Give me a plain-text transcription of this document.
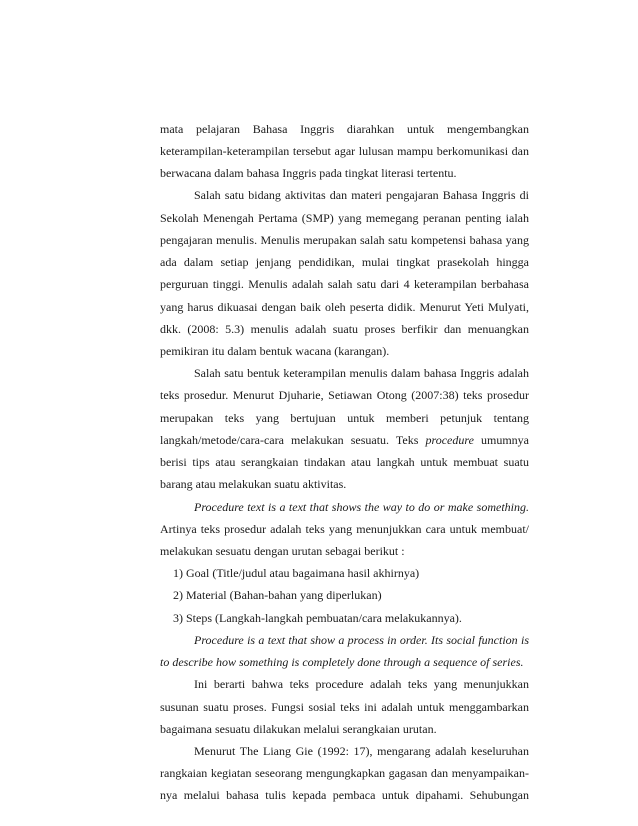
mata pelajaran Bahasa Inggris diarahkan untuk mengembangkan
keterampilan-keterampilan tersebut agar lulusan mampu berkomunikasi dan
berwacana dalam bahasa Inggris pada tingkat literasi tertentu.
Salah satu bidang aktivitas dan materi pengajaran Bahasa Inggris di
Sekolah Menengah Pertama (SMP) yang memegang peranan penting ialah
pengajaran menulis. Menulis merupakan salah satu kompetensi bahasa yang
ada dalam setiap jenjang pendidikan, mulai tingkat prasekolah hingga
perguruan tinggi. Menulis adalah salah satu dari 4 keterampilan berbahasa
yang harus dikuasai dengan baik oleh peserta didik. Menurut Yeti Mulyati,
dkk. (2008: 5.3) menulis adalah suatu proses berfikir dan menuangkan
pemikiran itu dalam bentuk wacana (karangan).
Salah satu bentuk keterampilan menulis dalam bahasa Inggris adalah
teks prosedur. Menurut Djuharie, Setiawan Otong (2007:38) teks prosedur
merupakan teks yang bertujuan untuk memberi petunjuk tentang
langkah/metode/cara-cara melakukan sesuatu. Teks procedure umumnya
berisi tips atau serangkaian tindakan atau langkah untuk membuat suatu
barang atau melakukan suatu aktivitas.
Procedure text is a text that shows the way to do or make something.
Artinya teks prosedur adalah teks yang menunjukkan cara untuk membuat/
melakukan sesuatu dengan urutan sebagai berikut :
1) Goal (Title/judul atau bagaimana hasil akhirnya)
2) Material (Bahan-bahan yang diperlukan)
3) Steps (Langkah-langkah pembuatan/cara melakukannya).
Procedure is a text that show a process in order. Its social function is
to describe how something is completely done through a sequence of series.
Ini berarti bahwa teks procedure adalah teks yang menunjukkan
susunan suatu proses. Fungsi sosial teks ini adalah untuk menggambarkan
bagaimana sesuatu dilakukan melalui serangkaian urutan.
Menurut The Liang Gie (1992: 17), mengarang adalah keseluruhan
rangkaian kegiatan seseorang mengungkapkan gagasan dan menyampaikan-
nya melalui bahasa tulis kepada pembaca untuk dipahami. Sehubungan
